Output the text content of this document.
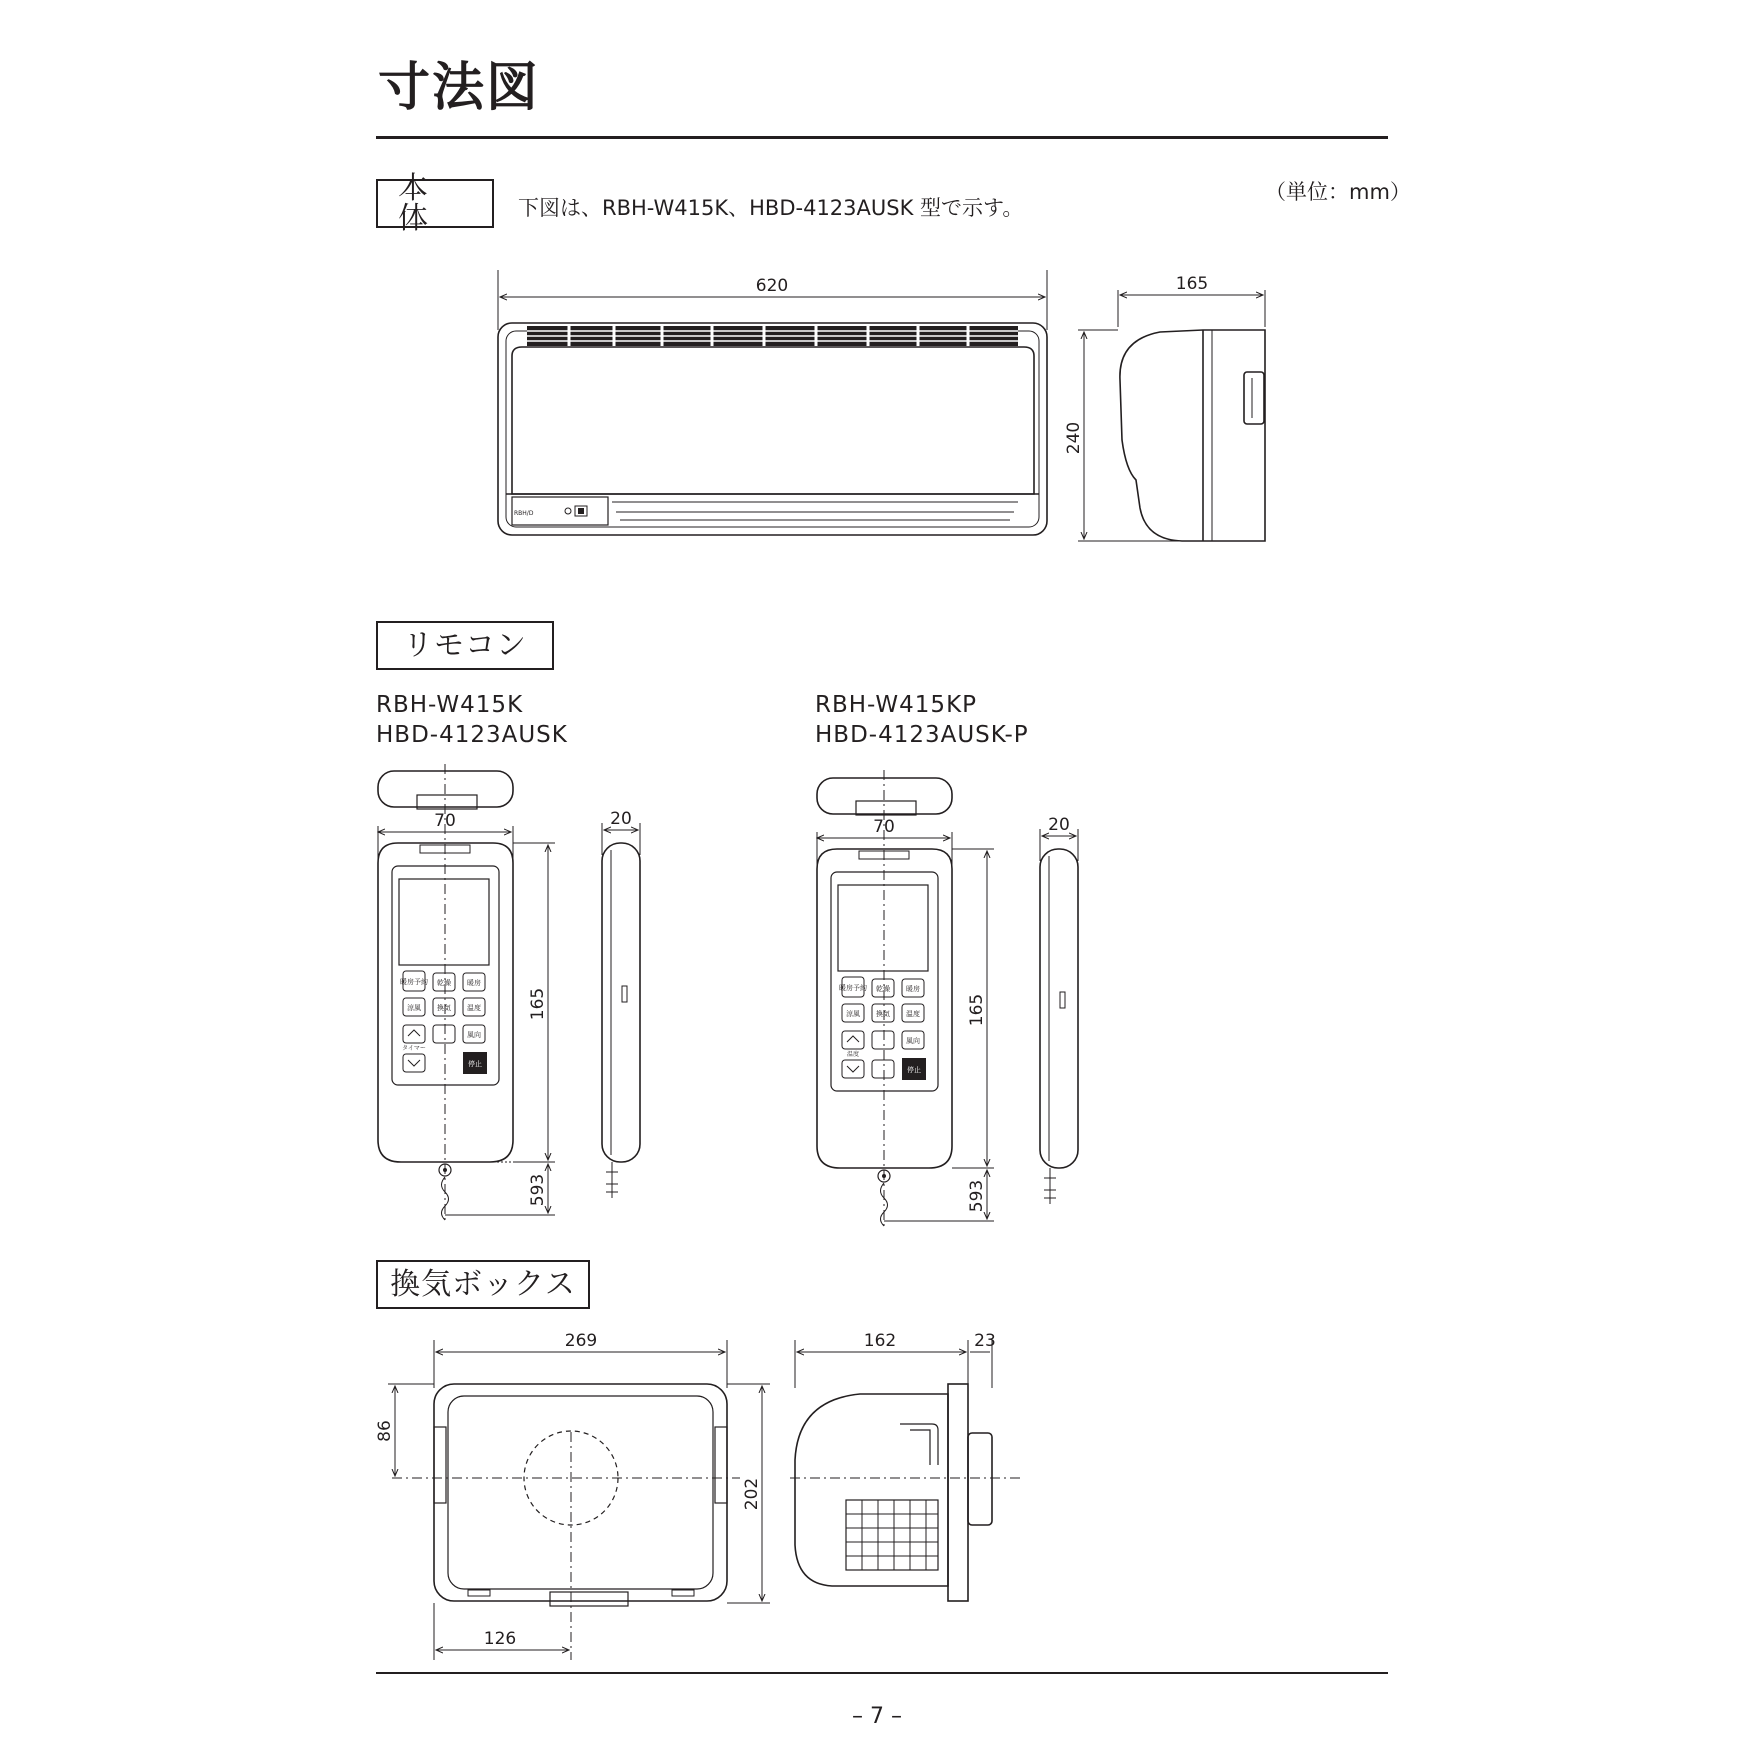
寸法図
本 体	下図は、RBH-W415K、HBD-4123AUSK 型で示す。
（単位：mm）
620	165
240
70	20
165
593
70	20
165
593
269
202
86
126
162	23
RBH/D
暖房予約 乾燥 暖房
涼風 換気 温度
風向
停止
タイマー
暖房予約 乾燥 暖房
涼風 換気 温度
風向
停止
温度
リモコン
RBH-W415K
HBD-4123AUSK
RBH-W415KP
HBD-4123AUSK-P
換気ボックス
– 7 –
